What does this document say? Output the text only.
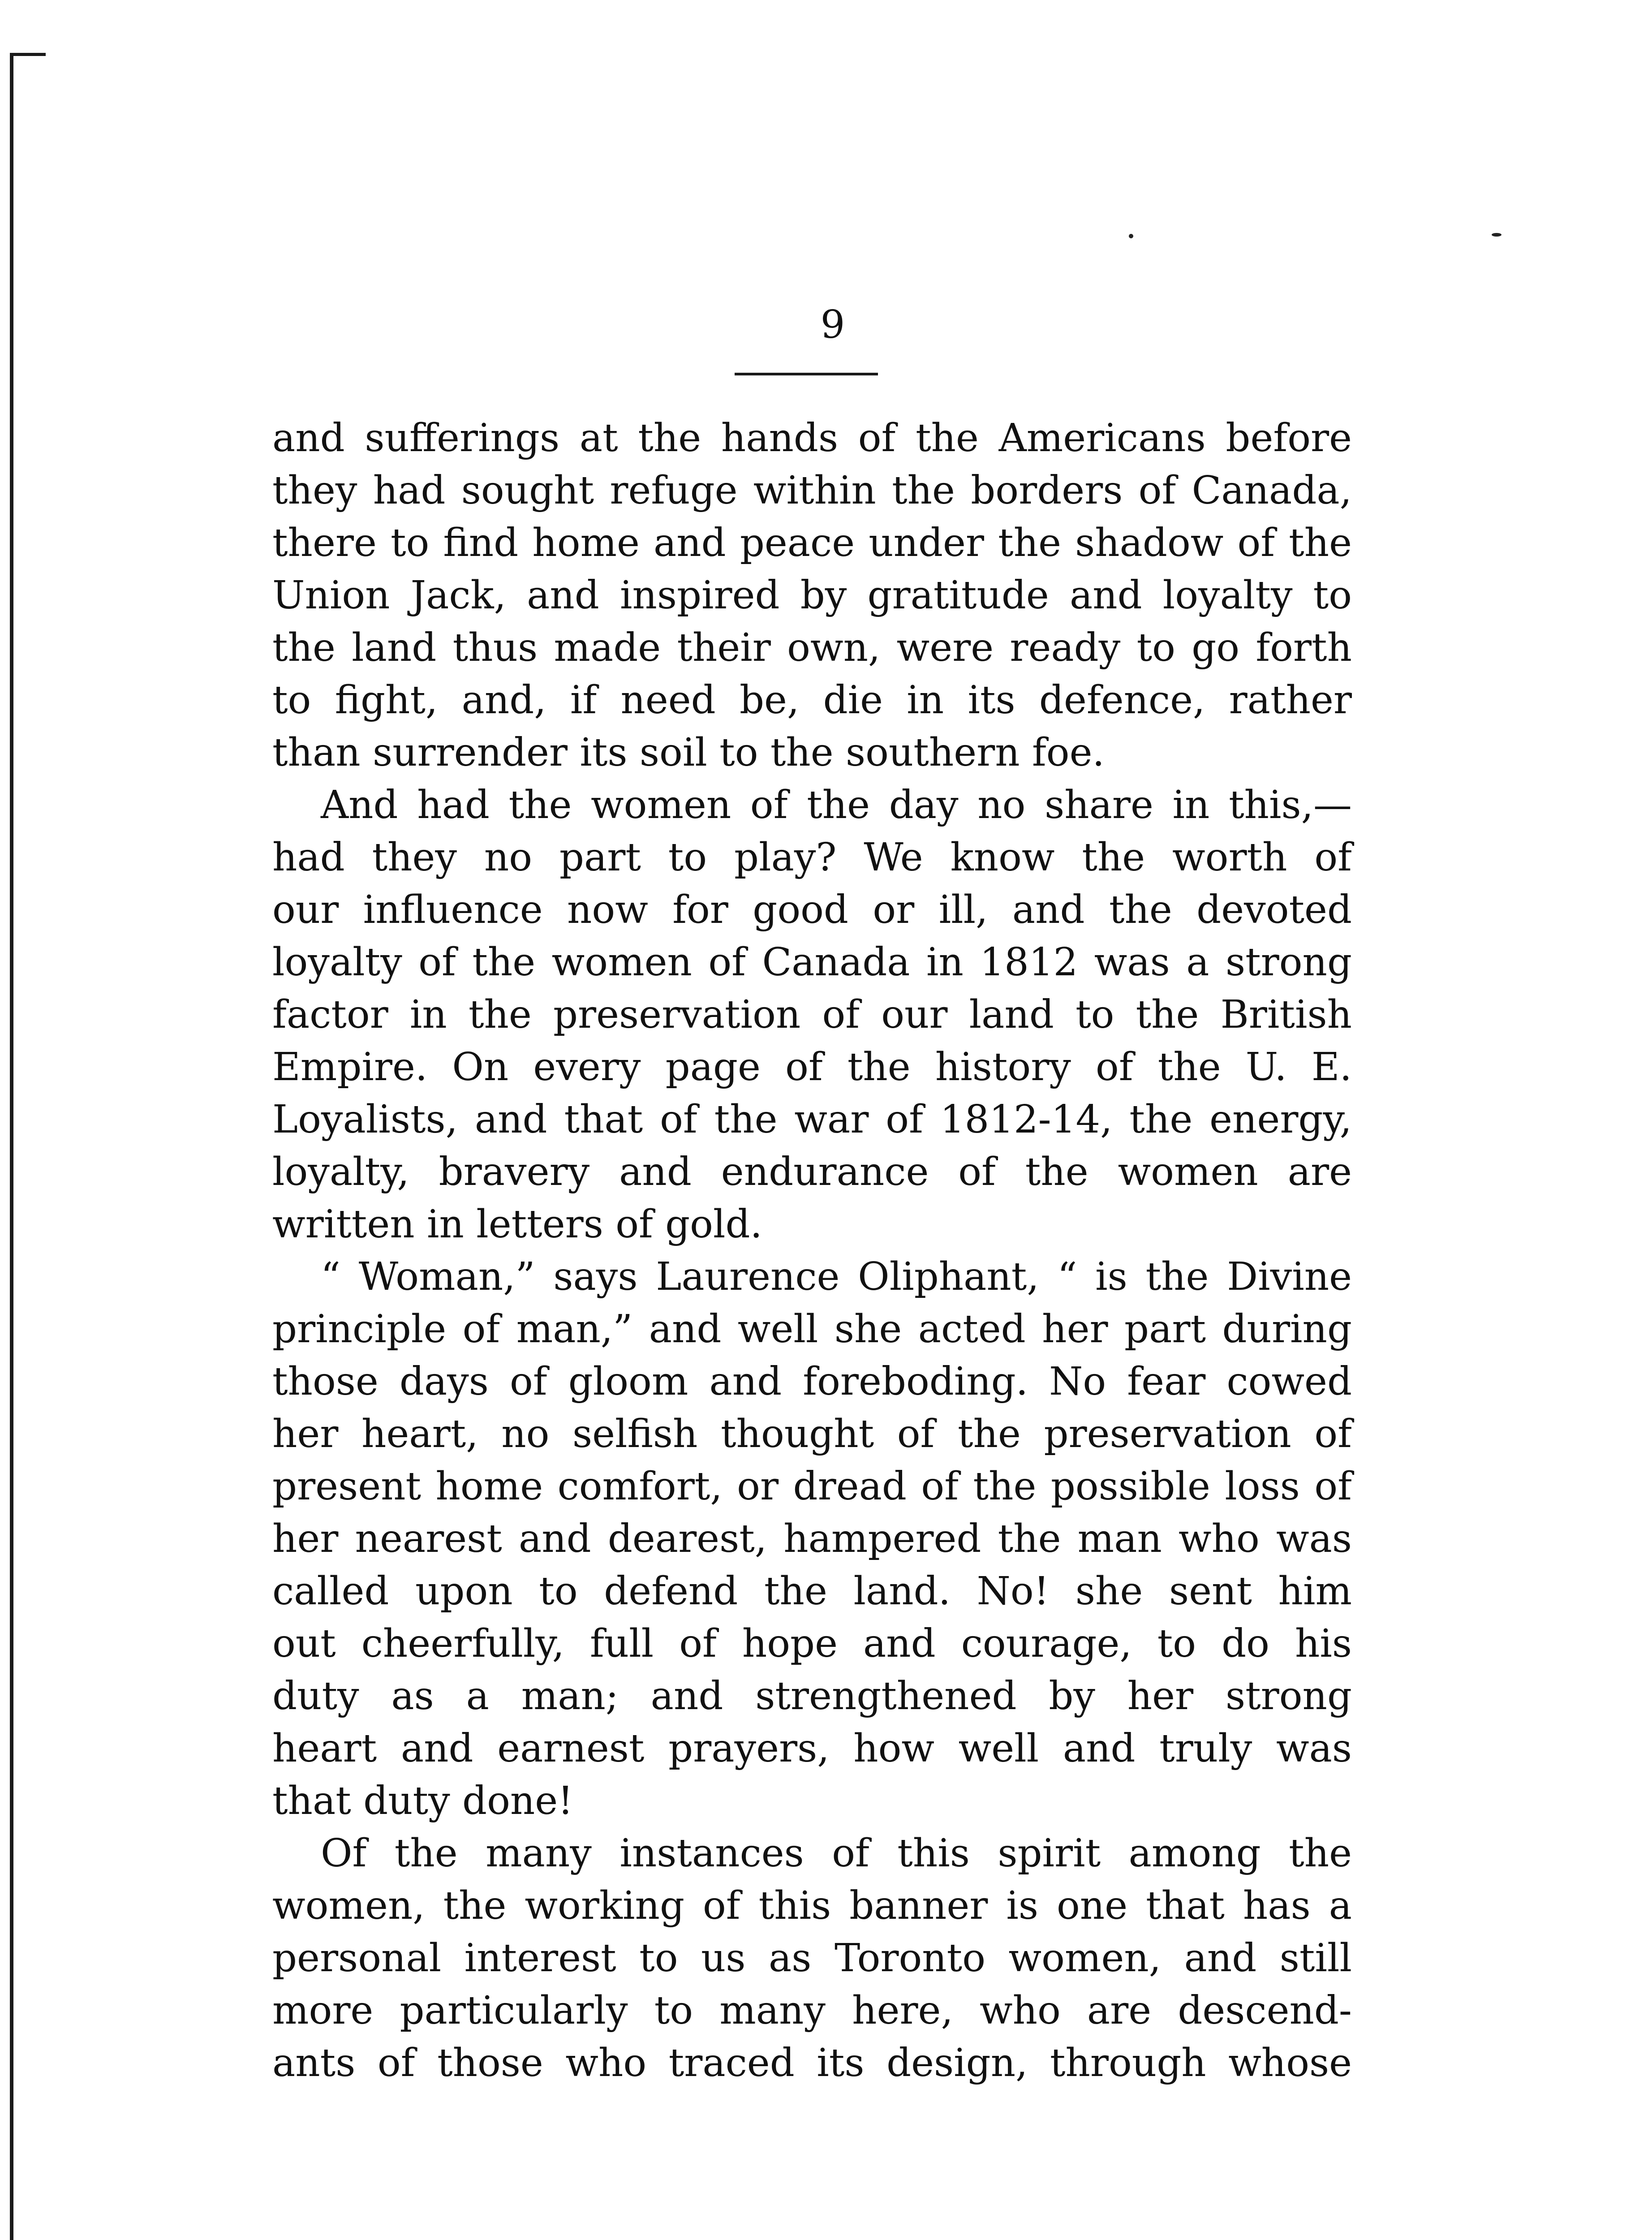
9
and sufferings at the hands of the Americans before
they had sought refuge within the borders of Canada,
there to find home and peace under the shadow of the
Union Jack, and inspired by gratitude and loyalty to
the land thus made their own, were ready to go forth
to fight, and, if need be, die in its defence, rather
than surrender its soil to the southern foe.
And had the women of the day no share in this,—
had they no part to play? We know the worth of
our influence now for good or ill, and the devoted
loyalty of the women of Canada in 1812 was a strong
factor in the preservation of our land to the British
Empire. On every page of the history of the U. E.
Loyalists, and that of the war of 1812-14, the energy,
loyalty, bravery and endurance of the women are
written in letters of gold.
“ Woman,” says Laurence Oliphant, “ is the Divine
principle of man,” and well she acted her part during
those days of gloom and foreboding. No fear cowed
her heart, no selfish thought of the preservation of
present home comfort, or dread of the possible loss of
her nearest and dearest, hampered the man who was
called upon to defend the land. No! she sent him
out cheerfully, full of hope and courage, to do his
duty as a man; and strengthened by her strong
heart and earnest prayers, how well and truly was
that duty done!
Of the many instances of this spirit among the
women, the working of this banner is one that has a
personal interest to us as Toronto women, and still
more particularly to many here, who are descend-
ants of those who traced its design, through whose
